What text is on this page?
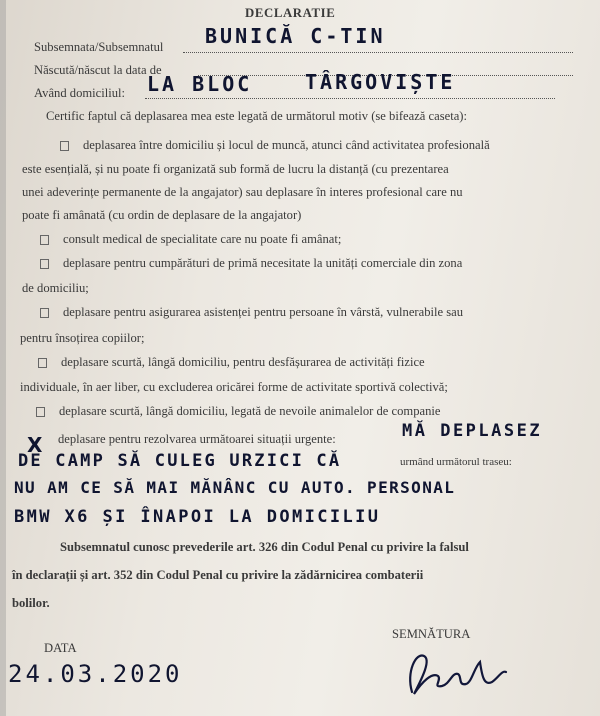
DECLARATIE
Subsemnata/Subsemnatul BUNICĂ C-TIN
Născută/născut la data de
Având domiciliul: LA BLOC	TÂRGOVIȘTE
Certific faptul că deplasarea mea este legată de următorul motiv (se bifează caseta):
deplasarea între domiciliu și locul de muncă, atunci când activitatea profesională
este esențială, și nu poate fi organizată sub formă de lucru la distanță (cu prezentarea
unei adeverințe permanente de la angajator) sau deplasare în interes profesional care nu
poate fi amânată (cu ordin de deplasare de la angajator)
consult medical de specialitate care nu poate fi amânat;
deplasare pentru cumpărături de primă necesitate la unități comerciale din zona
de domiciliu;
deplasare pentru asigurarea asistenței pentru persoane în vârstă, vulnerabile sau
pentru însoțirea copiilor;
deplasare scurtă, lângă domiciliu, pentru desfășurarea de activități fizice
individuale, în aer liber, cu excluderea oricărei forme de activitate sportivă colectivă;
deplasare scurtă, lângă domiciliu, legată de nevoile animalelor de companie
X deplasare pentru rezolvarea următoarei situații urgente:
urmând următorul traseu:
MĂ DEPLASEZ
DE CAMP SĂ CULEG URZICI CĂ
NU AM CE SĂ MAI MĂNÂNC CU AUTO. PERSONAL
BMW X6 ȘI ÎNAPOI LA DOMICILIU
Subsemnatul cunosc prevederile art. 326 din Codul Penal cu privire la falsul
în declarații și art. 352 din Codul Penal cu privire la zădărnicirea combaterii
bolilor.
DATA
24.03.2020
SEMNĂTURA
